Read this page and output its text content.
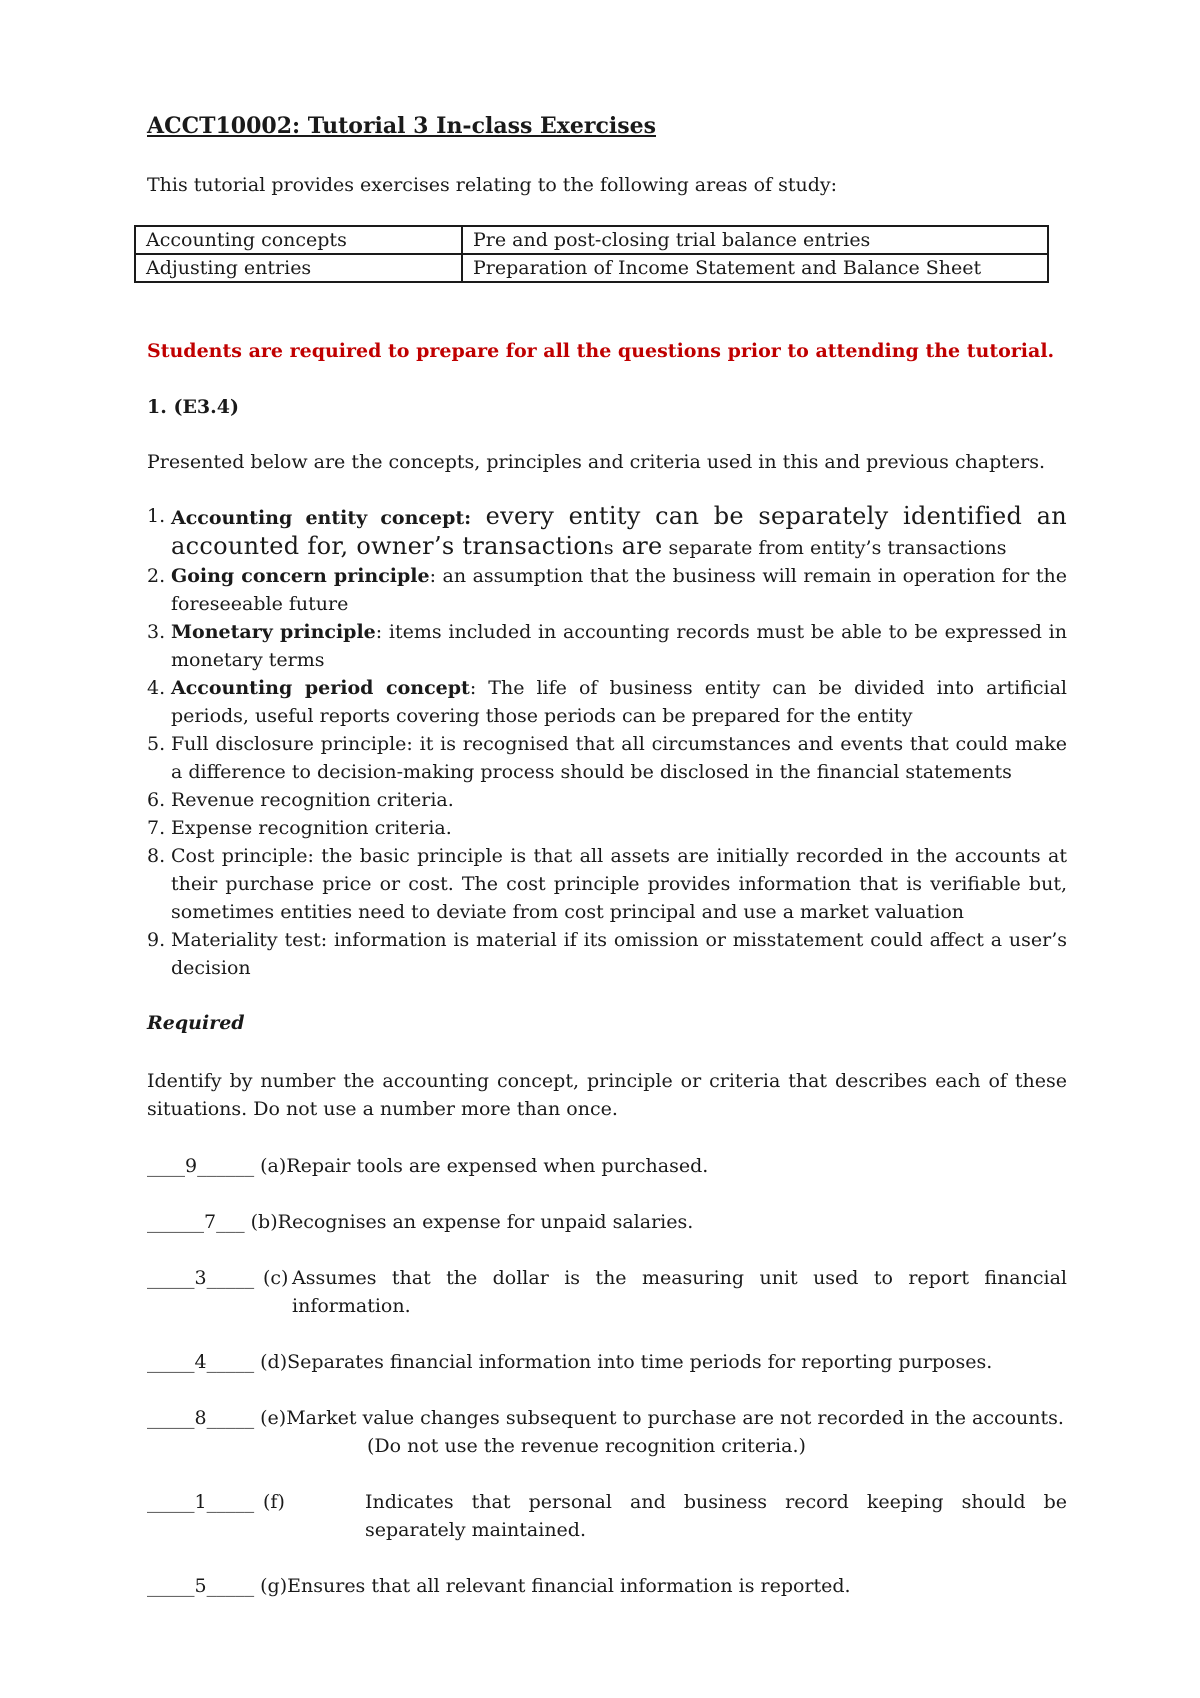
ACCT10002: Tutorial 3 In-class Exercises
This tutorial provides exercises relating to the following areas of study:
Accounting concepts	Pre and post-closing trial balance entries
Adjusting entries	Preparation of Income Statement and Balance Sheet
Students are required to prepare for all the questions prior to attending the tutorial.
1. (E3.4)
Presented below are the concepts, principles and criteria used in this and previous chapters.
1. Accounting entity concept: every entity can be separately identified an accounted for, owner’s transactions are separate from entity’s transactions
2. Going concern principle: an assumption that the business will remain in operation for the foreseeable future
3. Monetary principle: items included in accounting records must be able to be expressed in monetary terms
4. Accounting period concept: The life of business entity can be divided into artificial periods, useful reports covering those periods can be prepared for the entity
5. Full disclosure principle: it is recognised that all circumstances and events that could make a difference to decision-making process should be disclosed in the financial statements
6. Revenue recognition criteria.
7. Expense recognition criteria.
8. Cost principle: the basic principle is that all assets are initially recorded in the accounts at their purchase price or cost. The cost principle provides information that is verifiable but, sometimes entities need to deviate from cost principal and use a market valuation
9. Materiality test: information is material if its omission or misstatement could affect a user’s decision
Required
Identify by number the accounting concept, principle or criteria that describes each of these situations. Do not use a number more than once.
____9______ (a)Repair tools are expensed when purchased.
______7___ (b)Recognises an expense for unpaid salaries.
_____3_____ (c) Assumes that the dollar is the measuring unit used to report financial information.
_____4_____ (d)Separates financial information into time periods for reporting purposes.
_____8_____ (e)Market value changes subsequent to purchase are not recorded in the accounts.
(Do not use the revenue recognition criteria.)
_____1_____ (f)	Indicates that personal and business record keeping should be separately maintained.
_____5_____ (g)Ensures that all relevant financial information is reported.
